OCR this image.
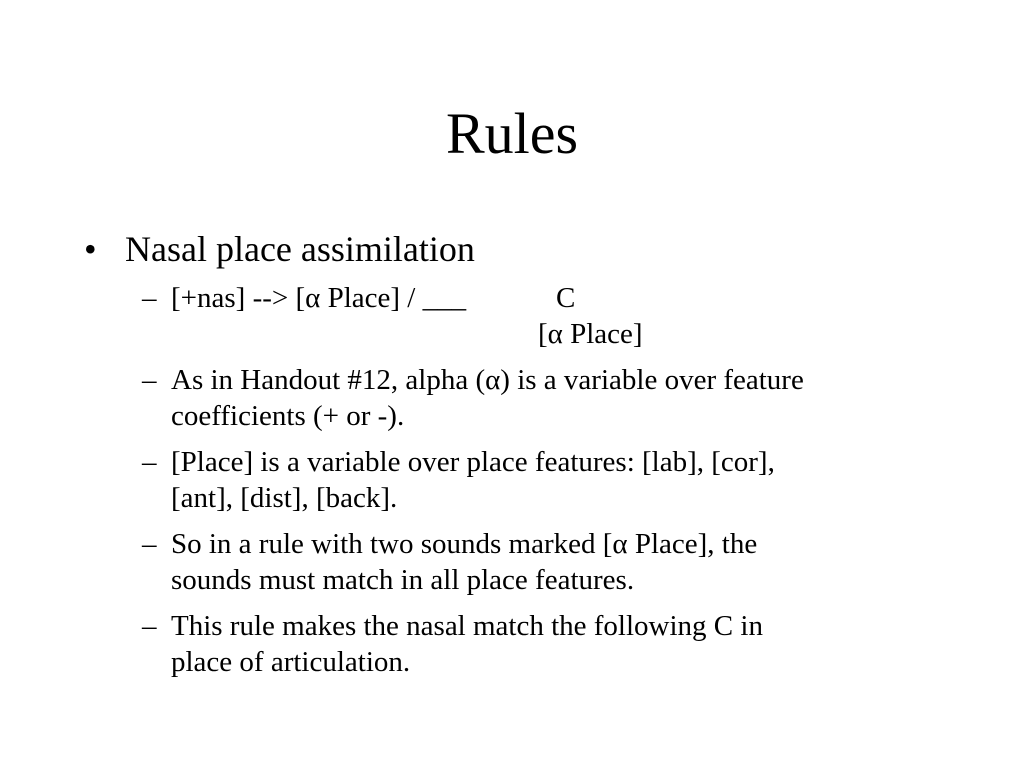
Rules
• Nasal place assimilation
– [+nas] --> [α Place] / ___	C
[α Place]
– As in Handout #12, alpha (α) is a variable over feature
coefficients (+ or -).
– [Place] is a variable over place features: [lab], [cor],
[ant], [dist], [back].
– So in a rule with two sounds marked [α Place], the
sounds must match in all place features.
– This rule makes the nasal match the following C in
place of articulation.
